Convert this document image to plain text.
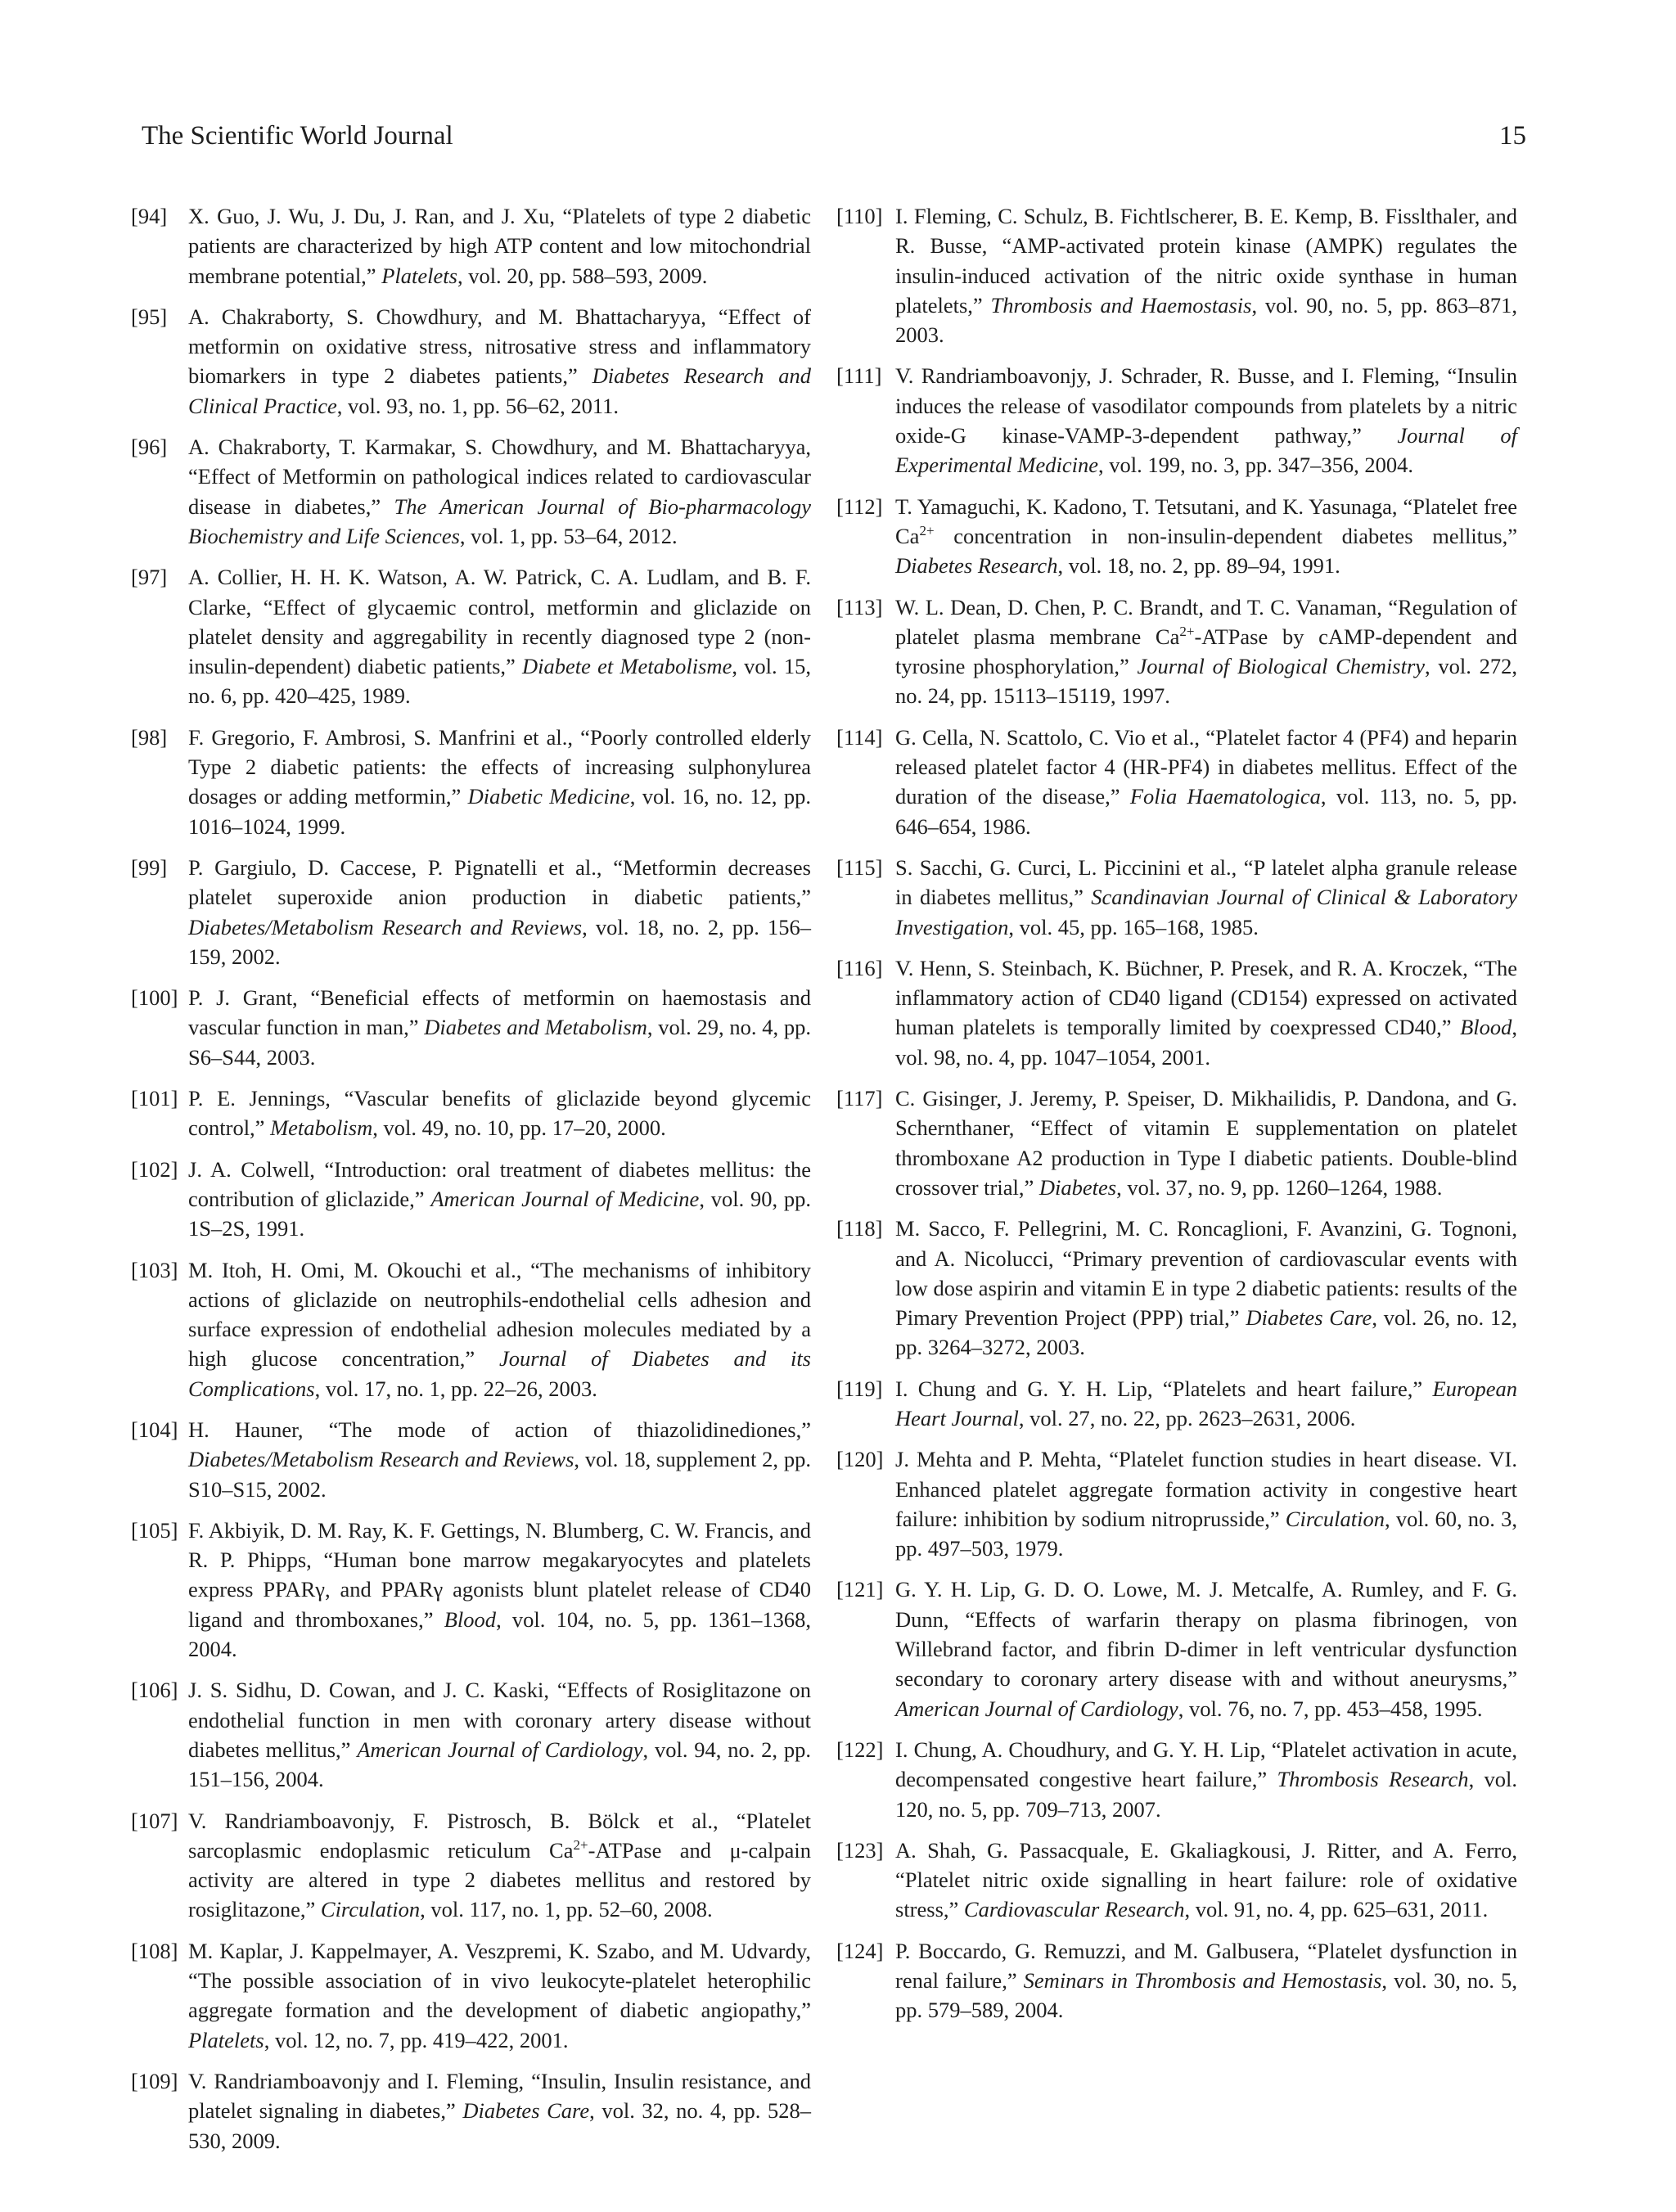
The Scientific World Journal	15
[94] X. Guo, J. Wu, J. Du, J. Ran, and J. Xu, “Platelets of type 2 diabetic patients are characterized by high ATP content and low mitochondrial membrane potential,” Platelets, vol. 20, pp. 588–593, 2009.
[95] A. Chakraborty, S. Chowdhury, and M. Bhattacharyya, “Effect of metformin on oxidative stress, nitrosative stress and inflammatory biomarkers in type 2 diabetes patients,” Diabetes Research and Clinical Practice, vol. 93, no. 1, pp. 56–62, 2011.
[96] A. Chakraborty, T. Karmakar, S. Chowdhury, and M. Bhattacharyya, “Effect of Metformin on pathological indices related to cardiovascular disease in diabetes,” The American Journal of Bio-pharmacology Biochemistry and Life Sciences, vol. 1, pp. 53–64, 2012.
[97] A. Collier, H. H. K. Watson, A. W. Patrick, C. A. Ludlam, and B. F. Clarke, “Effect of glycaemic control, metformin and gliclazide on platelet density and aggregability in recently diagnosed type 2 (non-insulin-dependent) diabetic patients,” Diabete et Metabolisme, vol. 15, no. 6, pp. 420–425, 1989.
[98] F. Gregorio, F. Ambrosi, S. Manfrini et al., “Poorly controlled elderly Type 2 diabetic patients: the effects of increasing sulphonylurea dosages or adding metformin,” Diabetic Medicine, vol. 16, no. 12, pp. 1016–1024, 1999.
[99] P. Gargiulo, D. Caccese, P. Pignatelli et al., “Metformin decreases platelet superoxide anion production in diabetic patients,” Diabetes/Metabolism Research and Reviews, vol. 18, no. 2, pp. 156–159, 2002.
[100] P. J. Grant, “Beneficial effects of metformin on haemostasis and vascular function in man,” Diabetes and Metabolism, vol. 29, no. 4, pp. S6–S44, 2003.
[101] P. E. Jennings, “Vascular benefits of gliclazide beyond glycemic control,” Metabolism, vol. 49, no. 10, pp. 17–20, 2000.
[102] J. A. Colwell, “Introduction: oral treatment of diabetes mellitus: the contribution of gliclazide,” American Journal of Medicine, vol. 90, pp. 1S–2S, 1991.
[103] M. Itoh, H. Omi, M. Okouchi et al., “The mechanisms of inhibitory actions of gliclazide on neutrophils-endothelial cells adhesion and surface expression of endothelial adhesion molecules mediated by a high glucose concentration,” Journal of Diabetes and its Complications, vol. 17, no. 1, pp. 22–26, 2003.
[104] H. Hauner, “The mode of action of thiazolidinediones,” Diabetes/Metabolism Research and Reviews, vol. 18, supplement 2, pp. S10–S15, 2002.
[105] F. Akbiyik, D. M. Ray, K. F. Gettings, N. Blumberg, C. W. Francis, and R. P. Phipps, “Human bone marrow megakaryocytes and platelets express PPARγ, and PPARγ agonists blunt platelet release of CD40 ligand and thromboxanes,” Blood, vol. 104, no. 5, pp. 1361–1368, 2004.
[106] J. S. Sidhu, D. Cowan, and J. C. Kaski, “Effects of Rosiglitazone on endothelial function in men with coronary artery disease without diabetes mellitus,” American Journal of Cardiology, vol. 94, no. 2, pp. 151–156, 2004.
[107] V. Randriamboavonjy, F. Pistrosch, B. Bölck et al., “Platelet sarcoplasmic endoplasmic reticulum $Ca^{2+}$-ATPase and μ-calpain activity are altered in type 2 diabetes mellitus and restored by rosiglitazone,” Circulation, vol. 117, no. 1, pp. 52–60, 2008.
[108] M. Kaplar, J. Kappelmayer, A. Veszpremi, K. Szabo, and M. Udvardy, “The possible association of in vivo leukocyte-platelet heterophilic aggregate formation and the development of diabetic angiopathy,” Platelets, vol. 12, no. 7, pp. 419–422, 2001.
[109] V. Randriamboavonjy and I. Fleming, “Insulin, Insulin resistance, and platelet signaling in diabetes,” Diabetes Care, vol. 32, no. 4, pp. 528–530, 2009.
[110] I. Fleming, C. Schulz, B. Fichtlscherer, B. E. Kemp, B. Fisslthaler, and R. Busse, “AMP-activated protein kinase (AMPK) regulates the insulin-induced activation of the nitric oxide synthase in human platelets,” Thrombosis and Haemostasis, vol. 90, no. 5, pp. 863–871, 2003.
[111] V. Randriamboavonjy, J. Schrader, R. Busse, and I. Fleming, “Insulin induces the release of vasodilator compounds from platelets by a nitric oxide-G kinase-VAMP-3-dependent pathway,” Journal of Experimental Medicine, vol. 199, no. 3, pp. 347–356, 2004.
[112] T. Yamaguchi, K. Kadono, T. Tetsutani, and K. Yasunaga, “Platelet free $Ca^{2+}$ concentration in non-insulin-dependent diabetes mellitus,” Diabetes Research, vol. 18, no. 2, pp. 89–94, 1991.
[113] W. L. Dean, D. Chen, P. C. Brandt, and T. C. Vanaman, “Regulation of platelet plasma membrane $Ca^{2+}$-ATPase by cAMP-dependent and tyrosine phosphorylation,” Journal of Biological Chemistry, vol. 272, no. 24, pp. 15113–15119, 1997.
[114] G. Cella, N. Scattolo, C. Vio et al., “Platelet factor 4 (PF4) and heparin released platelet factor 4 (HR-PF4) in diabetes mellitus. Effect of the duration of the disease,” Folia Haematologica, vol. 113, no. 5, pp. 646–654, 1986.
[115] S. Sacchi, G. Curci, L. Piccinini et al., “P latelet alpha granule release in diabetes mellitus,” Scandinavian Journal of Clinical & Laboratory Investigation, vol. 45, pp. 165–168, 1985.
[116] V. Henn, S. Steinbach, K. Büchner, P. Presek, and R. A. Kroczek, “The inflammatory action of CD40 ligand (CD154) expressed on activated human platelets is temporally limited by coexpressed CD40,” Blood, vol. 98, no. 4, pp. 1047–1054, 2001.
[117] C. Gisinger, J. Jeremy, P. Speiser, D. Mikhailidis, P. Dandona, and G. Schernthaner, “Effect of vitamin E supplementation on platelet thromboxane A2 production in Type I diabetic patients. Double-blind crossover trial,” Diabetes, vol. 37, no. 9, pp. 1260–1264, 1988.
[118] M. Sacco, F. Pellegrini, M. C. Roncaglioni, F. Avanzini, G. Tognoni, and A. Nicolucci, “Primary prevention of cardiovascular events with low dose aspirin and vitamin E in type 2 diabetic patients: results of the Pimary Prevention Project (PPP) trial,” Diabetes Care, vol. 26, no. 12, pp. 3264–3272, 2003.
[119] I. Chung and G. Y. H. Lip, “Platelets and heart failure,” European Heart Journal, vol. 27, no. 22, pp. 2623–2631, 2006.
[120] J. Mehta and P. Mehta, “Platelet function studies in heart disease. VI. Enhanced platelet aggregate formation activity in congestive heart failure: inhibition by sodium nitroprusside,” Circulation, vol. 60, no. 3, pp. 497–503, 1979.
[121] G. Y. H. Lip, G. D. O. Lowe, M. J. Metcalfe, A. Rumley, and F. G. Dunn, “Effects of warfarin therapy on plasma fibrinogen, von Willebrand factor, and fibrin D-dimer in left ventricular dysfunction secondary to coronary artery disease with and without aneurysms,” American Journal of Cardiology, vol. 76, no. 7, pp. 453–458, 1995.
[122] I. Chung, A. Choudhury, and G. Y. H. Lip, “Platelet activation in acute, decompensated congestive heart failure,” Thrombosis Research, vol. 120, no. 5, pp. 709–713, 2007.
[123] A. Shah, G. Passacquale, E. Gkaliagkousi, J. Ritter, and A. Ferro, “Platelet nitric oxide signalling in heart failure: role of oxidative stress,” Cardiovascular Research, vol. 91, no. 4, pp. 625–631, 2011.
[124] P. Boccardo, G. Remuzzi, and M. Galbusera, “Platelet dysfunction in renal failure,” Seminars in Thrombosis and Hemostasis, vol. 30, no. 5, pp. 579–589, 2004.
